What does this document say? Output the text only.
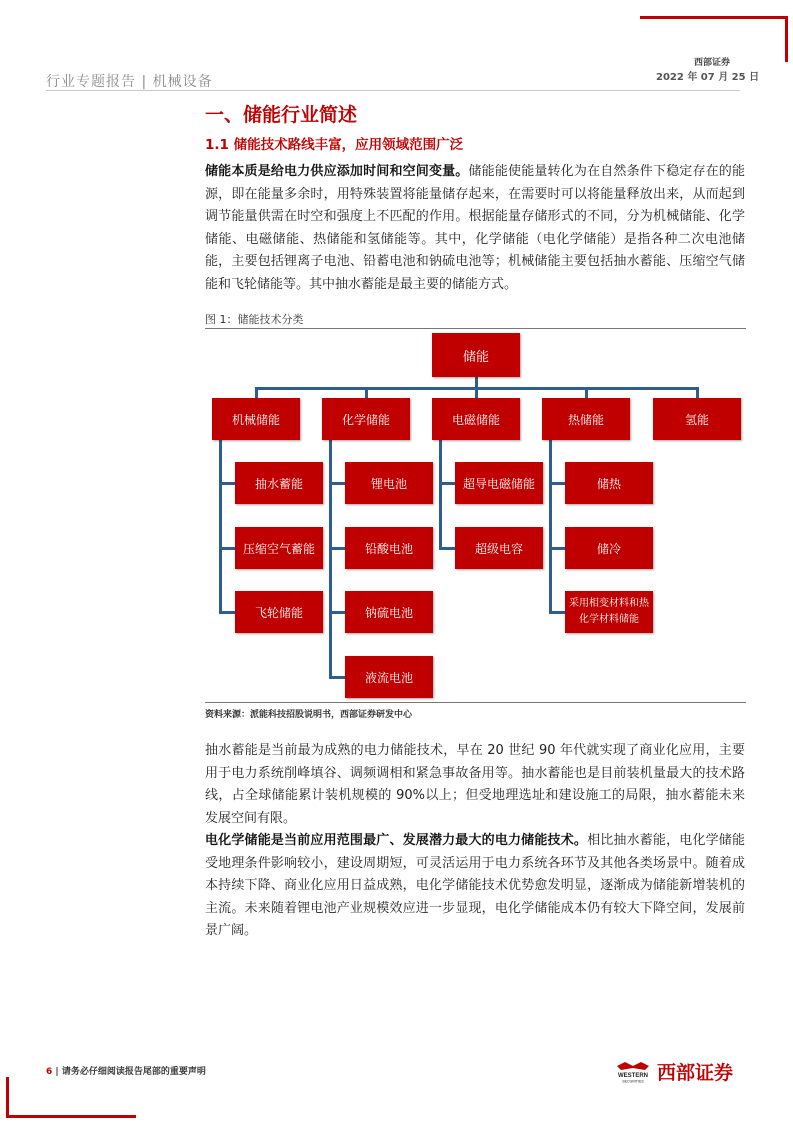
行业专题报告 | 机械设备
西部证券
2022 年 07 月 25 日
一、储能行业简述
1.1 储能技术路线丰富，应用领域范围广泛
储能本质是给电力供应添加时间和空间变量。储能能使能量转化为在自然条件下稳定存在的能源，即在能量多余时，用特殊装置将能量储存起来，在需要时可以将能量释放出来，从而起到调节能量供需在时空和强度上不匹配的作用。根据能量存储形式的不同，分为机械储能、化学储能、电磁储能、热储能和氢储能等。其中，化学储能（电化学储能）是指各种二次电池储能，主要包括锂离子电池、铅蓄电池和钠硫电池等；机械储能主要包括抽水蓄能、压缩空气储能和飞轮储能等。其中抽水蓄能是最主要的储能方式。
图 1：储能技术分类
储能
机械储能	化学储能	电磁储能	热储能	氢能
抽水蓄能
压缩空气蓄能
飞轮储能
锂电池
铅酸电池
钠硫电池
液流电池
超导电磁储能
超级电容
储热
储冷
采用相变材料和热化学材料储能
资料来源：派能科技招股说明书，西部证券研发中心
抽水蓄能是当前最为成熟的电力储能技术，早在 20 世纪 90 年代就实现了商业化应用，主要用于电力系统削峰填谷、调频调相和紧急事故备用等。抽水蓄能也是目前装机量最大的技术路线，占全球储能累计装机规模的 90%以上；但受地理选址和建设施工的局限，抽水蓄能未来发展空间有限。
电化学储能是当前应用范围最广、发展潜力最大的电力储能技术。相比抽水蓄能，电化学储能受地理条件影响较小，建设周期短，可灵活运用于电力系统各环节及其他各类场景中。随着成本持续下降、商业化应用日益成熟，电化学储能技术优势愈发明显，逐渐成为储能新增装机的主流。未来随着锂电池产业规模效应进一步显现，电化学储能成本仍有较大下降空间，发展前景广阔。
6 | 请务必仔细阅读报告尾部的重要声明	WESTERN
SECURITIES 西部证券
